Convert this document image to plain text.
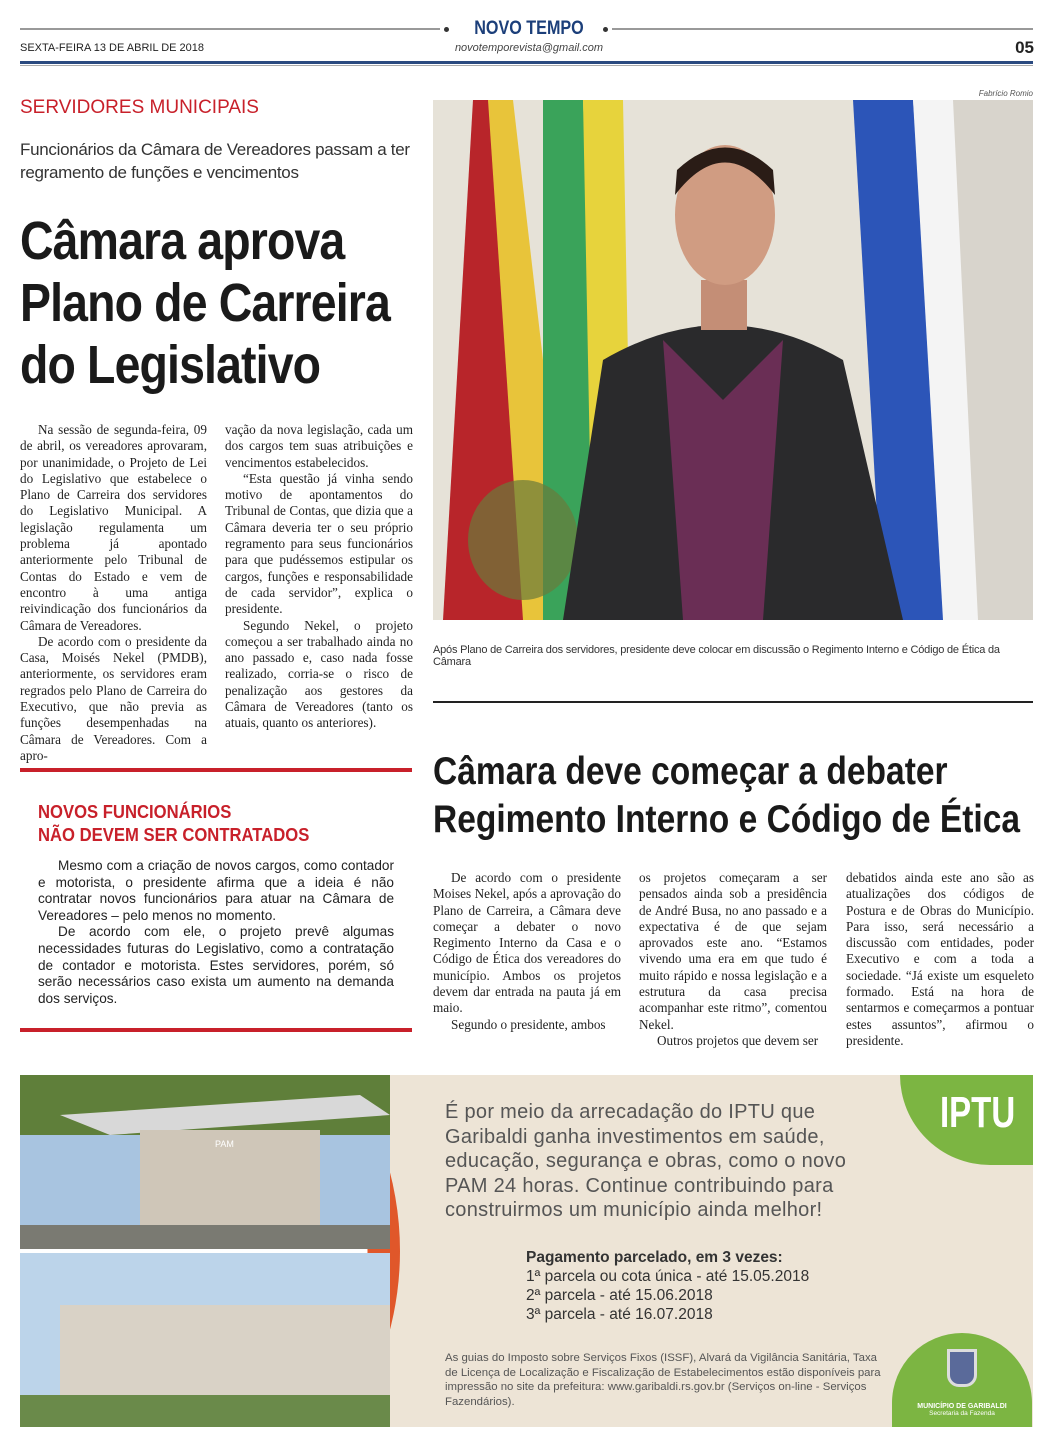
NOVO TEMPO
SEXTA-FEIRA 13 DE ABRIL DE 2018	novotemporevista@gmail.com	05
SERVIDORES MUNICIPAIS
Funcionários da Câmara de Vereadores passam a ter regramento de funções e vencimentos
Câmara aprova
Plano de Carreira
do Legislativo

Na sessão de segunda-feira, 09 de abril, os vereadores aprovaram, por unanimidade, o Projeto de Lei do Legislativo que estabelece o Plano de Carreira dos servidores do Legislativo Municipal. A legislação regulamenta um problema já apontado anteriormente pelo Tribunal de Contas do Estado e vem de encontro à uma antiga reivindicação dos funcionários da Câmara de Vereadores.

De acordo com o presidente da Casa, Moisés Nekel (PMDB), anteriormente, os servidores eram regrados pelo Plano de Carreira do Executivo, que não previa as funções desempenhadas na Câmara de Vereadores. Com a apro-

vação da nova legislação, cada um dos cargos tem suas atribuições e vencimentos estabelecidos.

“Esta questão já vinha sendo motivo de apontamentos do Tribunal de Contas, que dizia que a Câmara deveria ter o seu próprio regramento para seus funcionários para que pudéssemos estipular os cargos, funções e responsabilidade de cada servidor”, explica o presidente.

Segundo Nekel, o projeto começou a ser trabalhado ainda no ano passado e, caso nada fosse realizado, corria-se o risco de penalização aos gestores da Câmara de Vereadores (tanto os atuais, quanto os anteriores).

NOVOS FUNCIONÁRIOS
NÃO DEVEM SER CONTRATADOS

Mesmo com a criação de novos cargos, como contador e motorista, o presidente afirma que a ideia é não contratar novos funcionários para atuar na Câmara de Vereadores – pelo menos no momento.

De acordo com ele, o projeto prevê algumas necessidades futuras do Legislativo, como a contratação de contador e motorista. Estes servidores, porém, só serão necessários caso exista um aumento na demanda dos serviços.

Fabrício Romio
Após Plano de Carreira dos servidores, presidente deve colocar em discussão o Regimento Interno e Código de Ética da Câmara
Câmara deve começar a debater
Regimento Interno e Código de Ética

De acordo com o presidente Moises Nekel, após a aprovação do Plano de Carreira, a Câmara deve começar a debater o novo Regimento Interno da Casa e o Código de Ética dos vereadores do município. Ambos os projetos devem dar entrada na pauta já em maio.

Segundo o presidente, ambos

os projetos começaram a ser pensados ainda sob a presidência de André Busa, no ano passado e a expectativa é de que sejam aprovados este ano. “Estamos vivendo uma era em que tudo é muito rápido e nossa legislação e a estrutura da casa precisa acompanhar este ritmo”, comentou Nekel.

Outros projetos que devem ser

debatidos ainda este ano são as atualizações dos códigos de Postura e de Obras do Município. Para isso, será necessário a discussão com entidades, poder Executivo e com a toda a sociedade. “Já existe um esqueleto formado. Está na hora de sentarmos e começarmos a pontuar estes assuntos”, afirmou o presidente.

PAM
IPTU
É por meio da arrecadação do IPTU que Garibaldi ganha investimentos em saúde, educação, segurança e obras, como o novo PAM 24 horas. Continue contribuindo para construirmos um município ainda melhor!
Pagamento parcelado, em 3 vezes:
1ª parcela ou cota única - até 15.05.2018
2ª parcela - até 15.06.2018
3ª parcela - até 16.07.2018
As guias do Imposto sobre Serviços Fixos (ISSF), Alvará da Vigilância Sanitária, Taxa de Licença de Localização e Fiscalização de Estabelecimentos estão disponíveis para impressão no site da prefeitura: www.garibaldi.rs.gov.br (Serviços on-line - Serviços Fazendários).	MUNICÍPIO DE GARIBALDI
Secretaria da Fazenda
